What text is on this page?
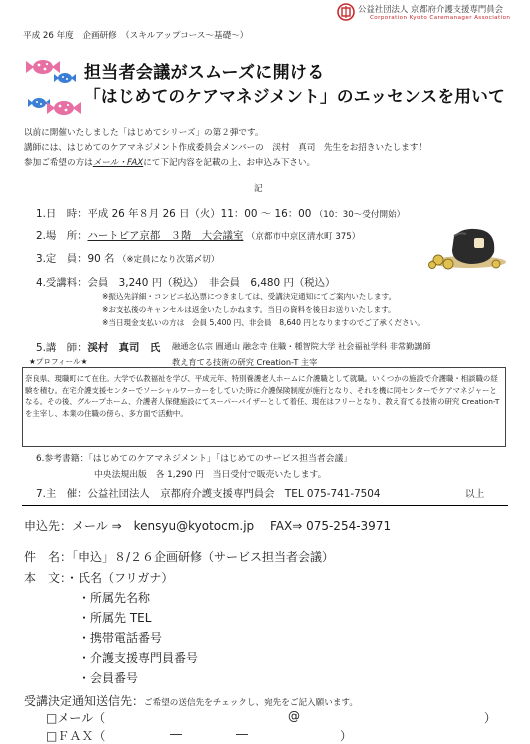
公益社団法人 京都府介護支援専門員会
Corporation Kyoto Caremanager Association
平成 26 年度　企画研修　（スキルアップコース〜基礎〜）
担当者会議がスムーズに開ける
「はじめてのケアマネジメント」のエッセンスを用いて
以前に開催いたしました「はじめてシリーズ」の第２弾です。
講師には、はじめてのケアマネジメント作成委員会メンバーの　渓村　真司　先生をお招きいたします！
参加ご希望の方はメール・FAXにて下記内容を記載の上、お申込み下さい。
記
1.日　時：平成 26 年８月 26 日（火）11：00 〜 16：00 （10：30〜受付開始）
2.場　所：ハートピア京都　３階　大会議室 （京都市中京区清水町 375）
3.定　員：90 名 （※定員になり次第〆切）
4.受講料：会員　3,240 円（税込）　非会員　6,480 円（税込）
※振込先詳細・コンビニ払込票につきましては、受講決定通知にてご案内いたします。
※お支払後のキャンセルは返金いたしかねます。当日の資料を後日お送りいたします。
※当日現金支払いの方は　会員 5,400 円、非会員　8,640 円となりますのでご了承ください。
5.講　師：渓村　真司　氏 融通念仏宗 圓通山 融念寺 住職・種智院大学 社会福祉学科 非常勤講師
教え育てる技術の研究 Creation-T 主宰
★プロフィール★
奈良県、現職町にて在住。大学で仏教福祉を学び、平成元年、特別養護老人ホームに介護職として就職。いくつかの施設で介護職・相談職の経験を積む。在宅介護支援センターでソーシャルワーカーをしていた時に介護保険制度が施行となり、それを機に同センターでケアマネジャーとなる。その後、グループホーム、介護者人保健施設にてスーパーバイザーとして着任、現在はフリーとなり、教え育てる技術の研究 Creation-T を主宰し、本業の住職の傍ら、多方面で活動中。
6.参考書籍：「はじめてのケアマネジメント」「はじめてのサービス担当者会議」
中央法規出版　各 1,290 円　当日受付で販売いたします。
7.主　催：公益社団法人　京都府介護支援専門員会　TEL 075-741-7504	以上
申込先：メール ⇒　kensyu@kyotocm.jp　 FAX⇒ 075-254-3971
件　名：「申込」８/２６企画研修（サービス担当者会議）
本　文：・氏名（フリガナ）
・所属先名称
・所属先 TEL
・携帯電話番号
・介護支援専門員番号
・会員番号
受講決定通知送信先：ご希望の送信先をチェックし、宛先をご記入願います。
□メール（	@	）
□ＦＡＸ（	―	―	）
